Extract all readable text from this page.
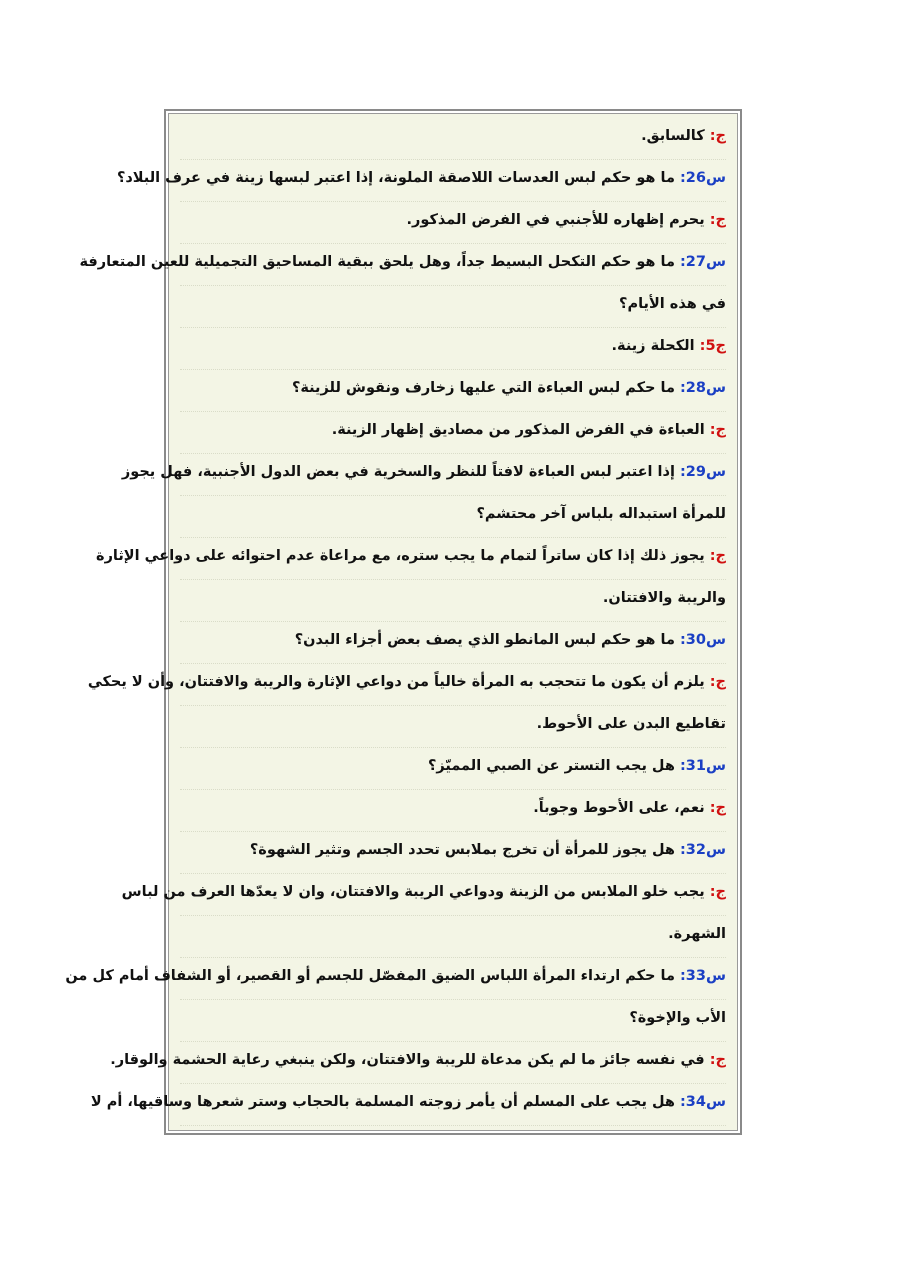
ج: كالسابق.
س26: ما هو حكم لبس العدسات اللاصقة الملونة، إذا اعتبر لبسها زينة في عرف البلاد؟
ج: يحرم إظهاره للأجنبي في الفرض المذكور.
س27: ما هو حكم التكحل البسيط جداً، وهل يلحق ببقية المساحيق التجميلية للعين المتعارفة
في هذه الأيام؟
ج5: الكحلة زينة.
س28: ما حكم لبس العباءة التي عليها زخارف ونقوش للزينة؟
ج: العباءة في الفرض المذكور من مصاديق إظهار الزينة.
س29: إذا اعتبر لبس العباءة لافتاً للنظر والسخرية في بعض الدول الأجنبية، فهل يجوز
للمرأة استبداله بلباس آخر محتشم؟
ج: يجوز ذلك إذا كان ساتراً لتمام ما يجب ستره، مع مراعاة عدم احتوائه على دواعي الإثارة
والريبة والافتتان.
س30: ما هو حكم لبس المانطو الذي يصف بعض أجزاء البدن؟
ج: يلزم أن يكون ما تتحجب به المرأة خالياً من دواعي الإثارة والريبة والافتتان، وأن لا يحكي
تقاطيع البدن على الأحوط.
س31: هل يجب التستر عن الصبي المميّز؟
ج: نعم، على الأحوط وجوباً.
س32: هل يجوز للمرأة أن تخرج بملابس تحدد الجسم وتثير الشهوة؟
ج: يجب خلو الملابس من الزينة ودواعي الريبة والافتتان، وان لا يعدّها العرف من لباس
الشهرة.
س33: ما حكم ارتداء المرأة اللباس الضيق المفصّل للجسم أو القصير، أو الشفاف أمام كل من
الأب والإخوة؟
ج: في نفسه جائز ما لم يكن مدعاة للريبة والافتتان، ولكن ينبغي رعاية الحشمة والوقار.
س34: هل يجب على المسلم أن يأمر زوجته المسلمة بالحجاب وستر شعرها وساقيها، أم لا
